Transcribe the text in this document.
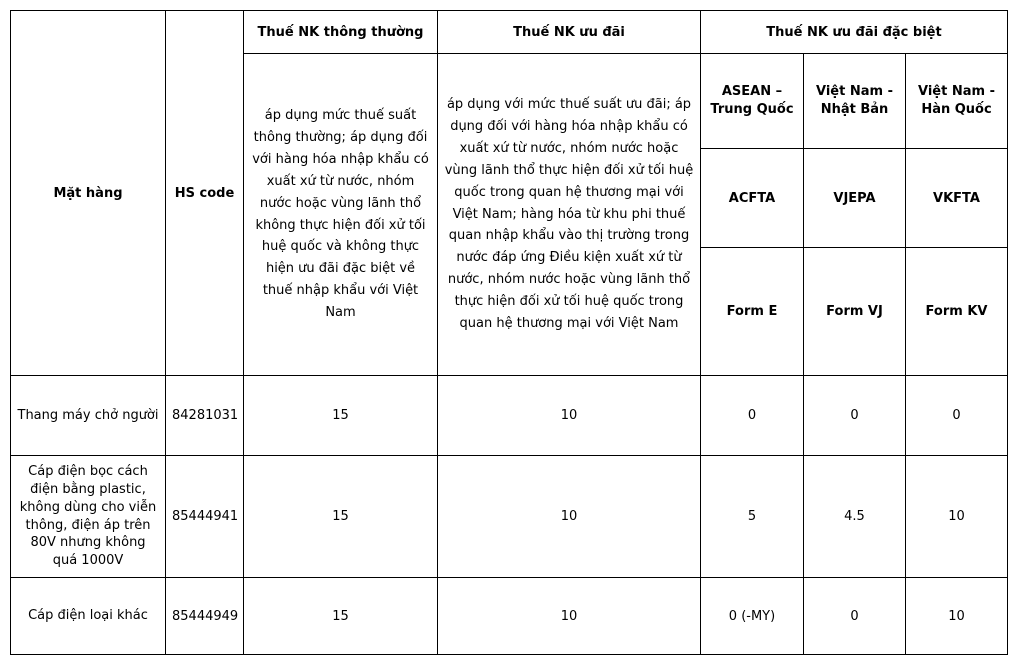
Mặt hàng	HS code	Thuế NK thông thường	Thuế NK ưu đãi	Thuế NK ưu đãi đặc biệt		
áp dụng mức thuế suất thông thường; áp dụng đối với hàng hóa nhập khẩu có xuất xứ từ nước, nhóm nước hoặc vùng lãnh thổ không thực hiện đối xử tối huệ quốc và không thực hiện ưu đãi đặc biệt về thuế nhập khẩu với Việt Nam	áp dụng với mức thuế suất ưu đãi; áp dụng đối với hàng hóa nhập khẩu có xuất xứ từ nước, nhóm nước hoặc vùng lãnh thổ thực hiện đối xử tối huệ quốc trong quan hệ thương mại với Việt Nam; hàng hóa từ khu phi thuế quan nhập khẩu vào thị trường trong nước đáp ứng Điều kiện xuất xứ từ nước, nhóm nước hoặc vùng lãnh thổ thực hiện đối xử tối huệ quốc trong quan hệ thương mại với Việt Nam	ASEAN – Trung Quốc	Việt Nam - Nhật Bản	Việt Nam - Hàn Quốc
				ACFTA	VJEPA	VKFTA
				Form E	Form VJ	Form KV
Thang máy chở người	84281031	15	10	0	0	0
Cáp điện bọc cách điện bằng plastic, không dùng cho viễn thông, điện áp trên 80V nhưng không quá 1000V	85444941	15	10	5	4.5	10
Cáp điện loại khác	85444949	15	10	0 (-MY)	0	10
